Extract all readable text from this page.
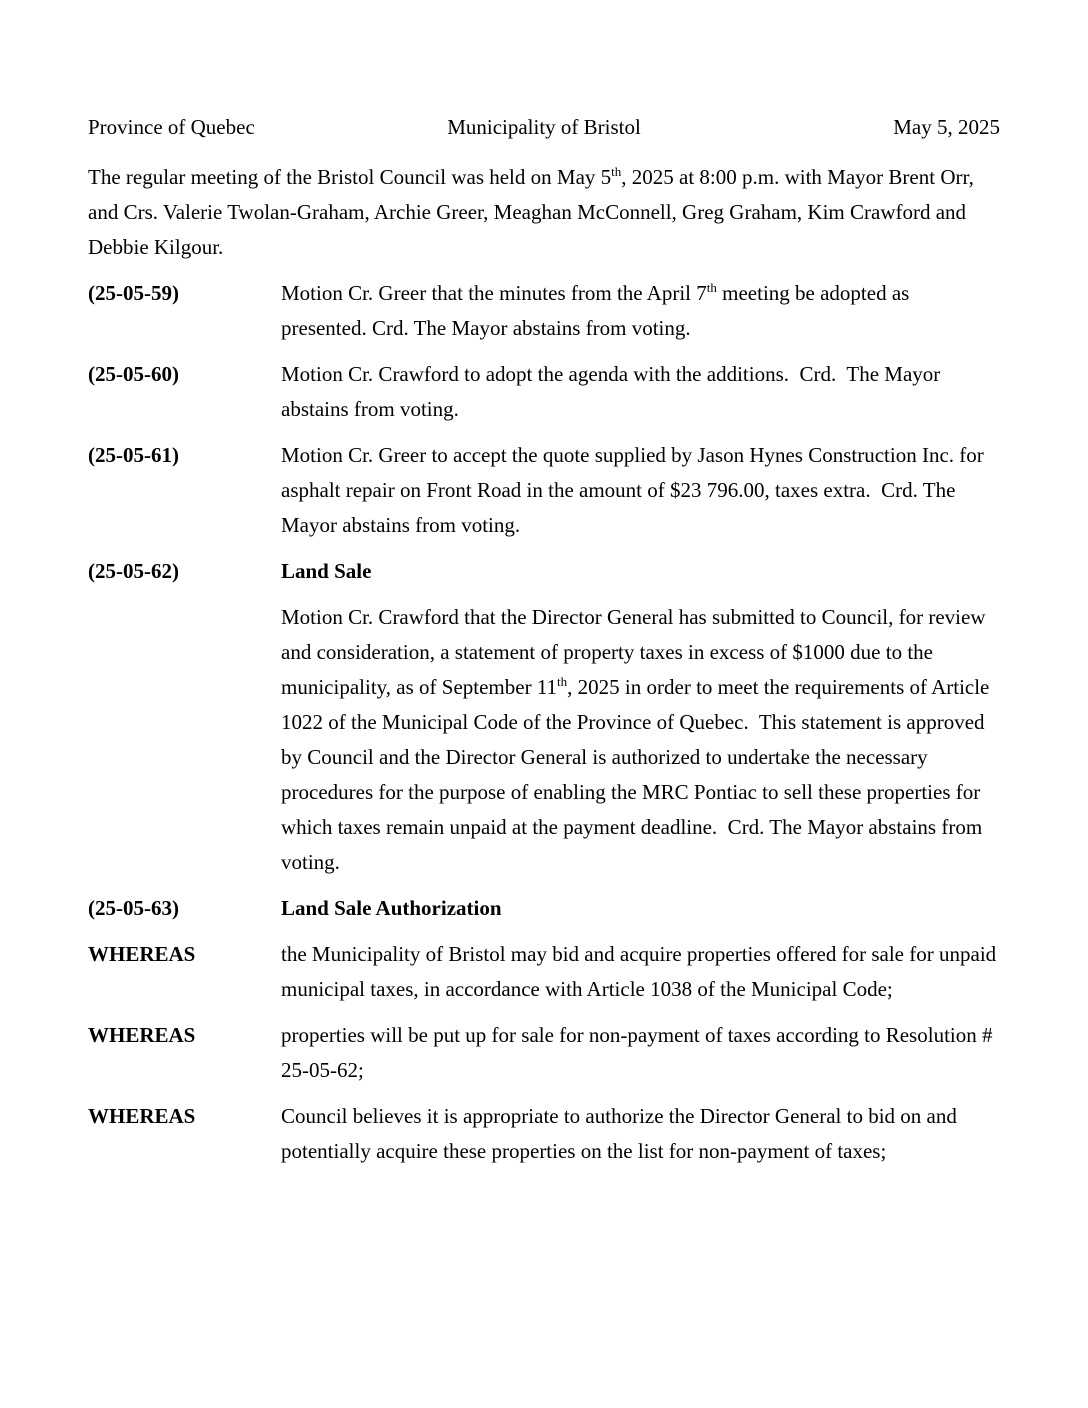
Province of Quebec	Municipality of Bristol	May 5, 2025
The regular meeting of the Bristol Council was held on May 5th, 2025 at 8:00 p.m. with Mayor Brent Orr, and Crs. Valerie Twolan-Graham, Archie Greer, Meaghan McConnell, Greg Graham, Kim Crawford and Debbie Kilgour.
(25-05-59)	Motion Cr. Greer that the minutes from the April 7th meeting be adopted as presented. Crd. The Mayor abstains from voting.
(25-05-60)	Motion Cr. Crawford to adopt the agenda with the additions.  Crd.  The Mayor abstains from voting.
(25-05-61)	Motion Cr. Greer to accept the quote supplied by Jason Hynes Construction Inc. for asphalt repair on Front Road in the amount of $23 796.00, taxes extra.  Crd. The Mayor abstains from voting.
(25-05-62)	Land Sale
Motion Cr. Crawford that the Director General has submitted to Council, for review and consideration, a statement of property taxes in excess of $1000 due to the municipality, as of September 11th, 2025 in order to meet the requirements of Article 1022 of the Municipal Code of the Province of Quebec.  This statement is approved by Council and the Director General is authorized to undertake the necessary procedures for the purpose of enabling the MRC Pontiac to sell these properties for which taxes remain unpaid at the payment deadline.  Crd. The Mayor abstains from voting.
(25-05-63)	Land Sale Authorization
WHEREAS	the Municipality of Bristol may bid and acquire properties offered for sale for unpaid municipal taxes, in accordance with Article 1038 of the Municipal Code;
WHEREAS	properties will be put up for sale for non-payment of taxes according to Resolution # 25-05-62;
WHEREAS	Council believes it is appropriate to authorize the Director General to bid on and potentially acquire these properties on the list for non-payment of taxes;
